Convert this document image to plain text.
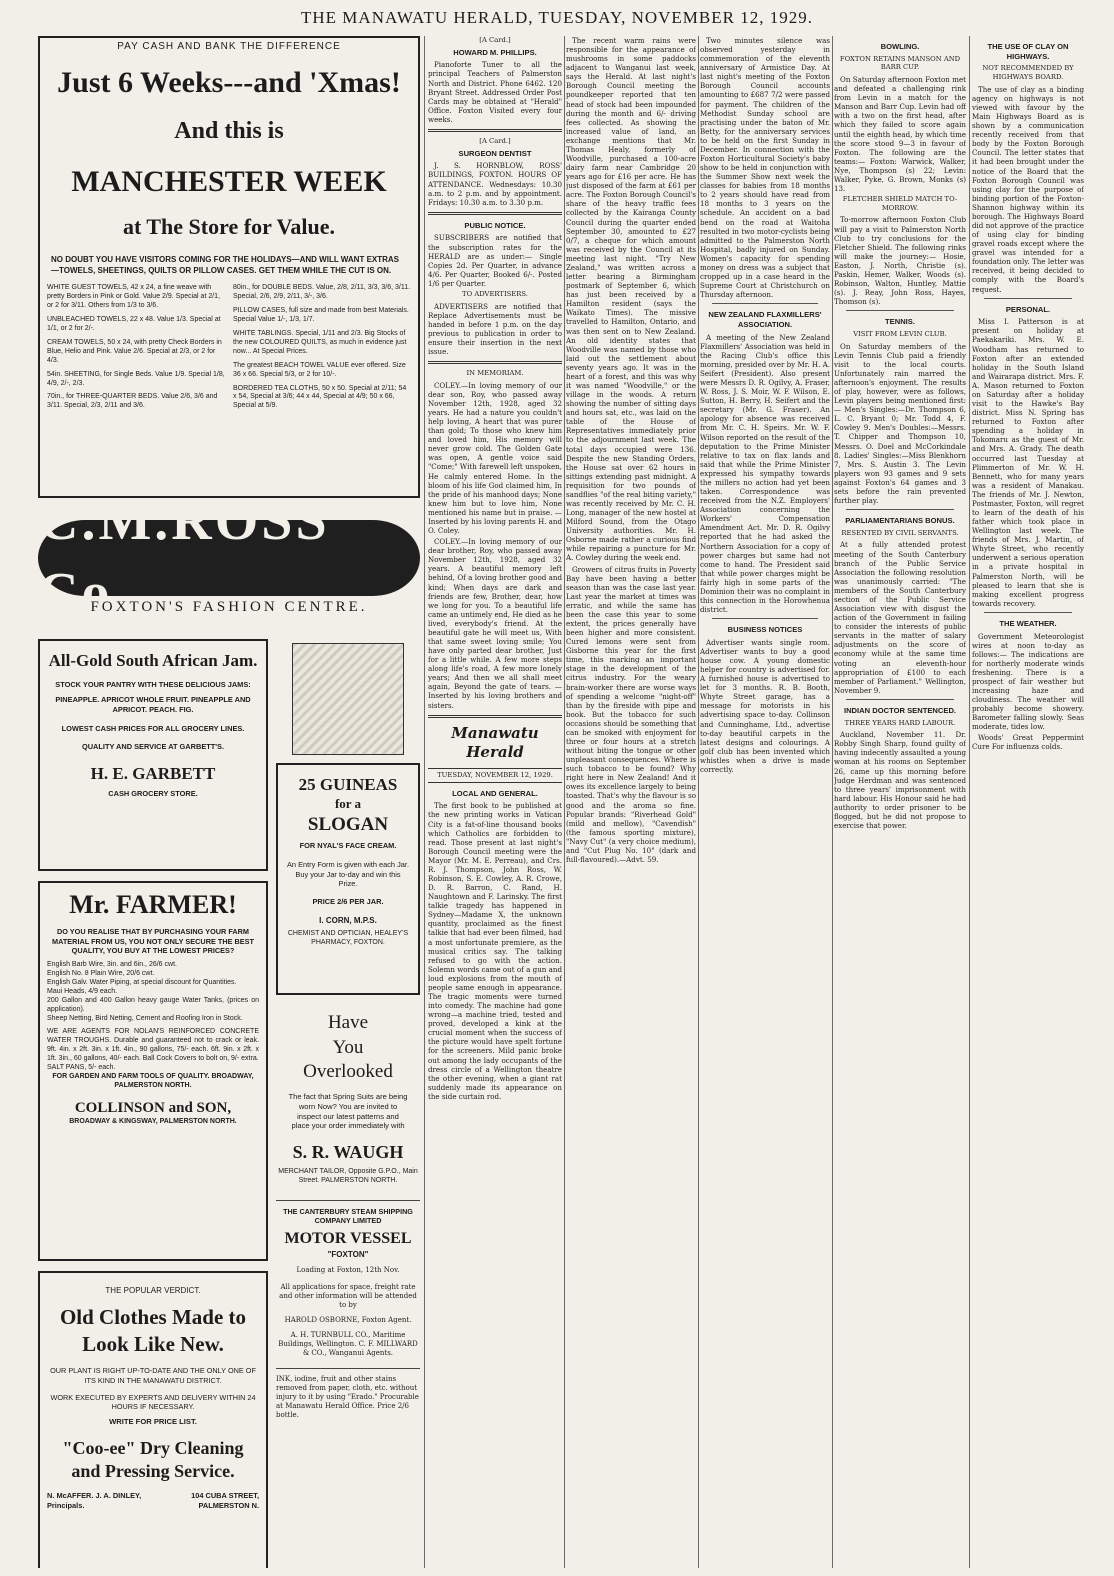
THE MANAWATU HERALD, TUESDAY, NOVEMBER 12, 1929.
PAY CASH AND BANK THE DIFFERENCE
Just 6 Weeks---and 'Xmas!
And this is
MANCHESTER WEEK
at The Store for Value.
NO DOUBT YOU HAVE VISITORS COMING FOR THE HOLIDAYS—AND WILL WANT EXTRAS—TOWELS, SHEETINGS, QUILTS OR PILLOW CASES. GET THEM WHILE THE CUT IS ON.
WHITE GUEST TOWELS, 42 x 24, a fine weave with pretty Borders in Pink or Gold. Value 2/9. Special at 2/1, or 2 for 3/11. Others from 1/3 to 3/6.
UNBLEACHED TOWELS, 22 x 48. Value 1/3. Special at 1/1, or 2 for 2/-.
CREAM TOWELS, 50 x 24, with pretty Check Borders in Blue, Helio and Pink. Value 2/6. Special at 2/3, or 2 for 4/3.
54in. SHEETING, for Single Beds. Value 1/9. Special 1/8, 4/9, 2/-, 2/3.
70in., for THREE-QUARTER BEDS. Value 2/6, 3/6 and 3/11. Special, 2/3, 2/11 and 3/6.
80in., for DOUBLE BEDS. Value, 2/8, 2/11, 3/3, 3/6, 3/11. Special, 2/6, 2/9, 2/11, 3/-, 3/6.
PILLOW CASES, full size and made from best Materials. Special Value 1/-, 1/3, 1/7.
WHITE TABLINGS. Special, 1/11 and 2/3. Big Stocks of the new COLOURED QUILTS, as much in evidence just now... At Special Prices.
The greatest BEACH TOWEL VALUE ever offered. Size 36 x 66. Special 5/3, or 2 for 10/-.
BORDERED TEA CLOTHS, 50 x 50. Special at 2/11; 54 x 54, Special at 3/6; 44 x 44, Special at 4/9; 50 x 66, Special at 5/9.
C.M.ROSS Co
FOXTON'S FASHION CENTRE.
All-Gold South African Jam.
STOCK YOUR PANTRY WITH THESE DELICIOUS JAMS:
PINEAPPLE. APRICOT WHOLE FRUIT. PINEAPPLE AND APRICOT. PEACH. FIG.
LOWEST CASH PRICES FOR ALL GROCERY LINES.
QUALITY AND SERVICE AT GARBETT'S.
H. E. GARBETT
CASH GROCERY STORE.
Mr. FARMER!
DO YOU REALISE THAT BY PURCHASING YOUR FARM MATERIAL FROM US, YOU NOT ONLY SECURE THE BEST QUALITY, YOU BUY AT THE LOWEST PRICES?
English Barb Wire, 3in. and 6in., 26/6 cwt.
English No. 8 Plain Wire, 20/6 cwt.
English Galv. Water Piping, at special discount for Quantities.
Maui Heads, 4/9 each.
200 Gallon and 400 Gallon heavy gauge Water Tanks, (prices on application).
Sheep Netting, Bird Netting, Cement and Roofing Iron in Stock.
WE ARE AGENTS FOR NOLAN'S REINFORCED CONCRETE WATER TROUGHS. Durable and guaranteed not to crack or leak. 9ft. 4in. x 2ft. 3in. x 1ft. 4in., 90 gallons, 75/- each. 6ft. 9in. x 2ft. x 1ft. 3in., 60 gallons, 40/- each. Ball Cock Covers to bolt on, 9/- extra.
SALT PANS, 5/- each.
FOR GARDEN AND FARM TOOLS OF QUALITY. BROADWAY, PALMERSTON NORTH.
COLLINSON and SON,
BROADWAY & KINGSWAY, PALMERSTON NORTH.
THE POPULAR VERDICT.
Old Clothes Made to Look Like New.
OUR PLANT IS RIGHT UP-TO-DATE AND THE ONLY ONE OF ITS KIND IN THE MANAWATU DISTRICT.
WORK EXECUTED BY EXPERTS AND DELIVERY WITHIN 24 HOURS IF NECESSARY.
WRITE FOR PRICE LIST.
"Coo-ee" Dry Cleaning and Pressing Service.
N. McAFFER. J. A. DINLEY, Principals.
104 CUBA STREET, PALMERSTON N.
25 GUINEAS
for a
SLOGAN
FOR NYAL'S FACE CREAM.
An Entry Form is given with each Jar. Buy your Jar to-day and win this Prize.
PRICE 2/6 PER JAR.
I. CORN, M.P.S.
CHEMIST AND OPTICIAN, HEALEY'S PHARMACY, FOXTON.
Have
You
Overlooked
The fact that Spring Suits are being worn Now? You are invited to inspect our latest patterns and place your order immediately with
S. R. WAUGH
MERCHANT TAILOR, Opposite G.P.O., Main Street. PALMERSTON NORTH.
THE CANTERBURY STEAM SHIPPING COMPANY LIMITED
MOTOR VESSEL
"FOXTON"
Loading at Foxton, 12th Nov.
All applications for space, freight rate and other information will be attended to by
HAROLD OSBORNE, Foxton Agent.
A. H. TURNBULL CO., Maritime Buildings, Wellington. C. F. MILLWARD & CO., Wanganui Agents.
INK, iodine, fruit and other stains removed from paper, cloth, etc. without injury to it by using "Erado." Procurable at Manawatu Herald Office. Price 2/6 bottle.
[A Card.]
HOWARD M. PHILLIPS.

Pianoforte Tuner to all the principal Teachers of Palmerston North and District. Phone 6462. 120 Bryant Street. Addressed Order Post Cards may be obtained at "Herald" Office. Foxton Visited every four weeks.

[A Card.]
SURGEON DENTIST

J. S. HORNBLOW, ROSS' BUILDINGS, FOXTON. HOURS OF ATTENDANCE. Wednesdays: 10.30 a.m. to 2 p.m. and by appointment. Fridays: 10.30 a.m. to 3.30 p.m.

PUBLIC NOTICE.

SUBSCRIBERS are notified that the subscription rates for the HERALD are as under:— Single Copies 2d. Per Quarter, in advance 4/6. Per Quarter, Booked 6/-. Posted 1/6 per Quarter.

TO ADVERTISERS.

ADVERTISERS are notified that Replace Advertisements must be handed in before 1 p.m. on the day previous to publication in order to ensure their insertion in the next issue.

IN MEMORIAM.

COLEY.—In loving memory of our dear son, Roy, who passed away November 12th, 1928, aged 32 years. He had a nature you couldn't help loving, A heart that was purer than gold; To those who knew him and loved him, His memory will never grow cold. The Golden Gate was open, A gentle voice said "Come;" With farewell left unspoken, He calmly entered Home. In the bloom of his life God claimed him, In the pride of his manhood days; None knew him but to love him, None mentioned his name but in praise. —Inserted by his loving parents H. and O. Coley.

COLEY.—In loving memory of our dear brother, Roy, who passed away November 12th, 1928, aged 32 years. A beautiful memory left behind, Of a loving brother good and kind; When days are dark and friends are few, Brother, dear, how we long for you. To a beautiful life came an untimely end, He died as he lived, everybody's friend. At the beautiful gate he will meet us, With that same sweet loving smile; You have only parted dear brother, Just for a little while. A few more steps along life's road, A few more lonely years; And then we all shall meet again, Beyond the gate of tears. —Inserted by his loving brothers and sisters.

Manawatu Herald
TUESDAY, NOVEMBER 12, 1929.
LOCAL AND GENERAL.

The first book to be published at the new printing works in Vatican City is a fat-of-line thousand books which Catholics are forbidden to read. Those present at last night's Borough Council meeting were the Mayor (Mr. M. E. Perreau), and Crs. R. J. Thompson, John Ross, W. Robinson, S. E. Cowley, A. R. Crowe, D. R. Barron, C. Rand, H. Naughtown and F. Larinsky. The first talkie tragedy has happened in Sydney—Madame X, the unknown quantity, proclaimed as the finest talkie that had ever been filmed, had a most unfortunate premiere, as the musical critics say. The talking refused to go with the action. Solemn words came out of a gun and loud explosions from the mouth of people same enough in appearance. The tragic moments were turned into comedy. The machine had gone wrong—a machine tried, tested and proved, developed a kink at the crucial moment when the success of the picture would have spelt fortune for the screeners. Mild panic broke out among the lady occupants of the dress circle of a Wellington theatre the other evening, when a giant rat suddenly made its appearance on the side curtain rod.

The recent warm rains were responsible for the appearance of mushrooms in some paddocks adjacent to Wanganui last week, says the Herald. At last night's Borough Council meeting the poundkeeper reported that ten head of stock had been impounded during the month and 6/- driving fees collected. As showing the increased value of land, an exchange mentions that Mr. Thomas Healy, formerly of Woodville, purchased a 100-acre dairy farm near Cambridge 20 years ago for £16 per acre. He has just disposed of the farm at £61 per acre. The Foxton Borough Council's share of the heavy traffic fees collected by the Kairanga County Council during the quarter ended September 30, amounted to £27 0/7, a cheque for which amount was received by the Council at its meeting last night. "Try New Zealand," was written across a letter bearing a Birmingham postmark of September 6, which has just been received by a Hamilton resident (says the Waikato Times). The missive travelled to Hamilton, Ontario, and was then sent on to New Zealand. An old identity states that Woodville was named by those who laid out the settlement about seventy years ago. It was in the heart of a forest, and this was why it was named "Woodville," or the village in the woods. A return showing the number of sitting days and hours sat, etc., was laid on the table of the House of Representatives immediately prior to the adjournment last week. The total days occupied were 136. Despite the new Standing Orders, the House sat over 62 hours in sittings extending past midnight. A requisition for two pounds of sandflies "of the real biting variety," was recently received by Mr. C. H. Long, manager of the new hostel at Milford Sound, from the Otago University authorities. Mr. H. Osborne made rather a curious find while repairing a puncture for Mr. A. Cowley during the week end.

Growers of citrus fruits in Poverty Bay have been having a better season than was the case last year. Last year the market at times was erratic, and while the same has been the case this year to some extent, the prices generally have been higher and more consistent. Cured lemons were sent from Gisborne this year for the first time, this marking an important stage in the development of the citrus industry. For the weary brain-worker there are worse ways of spending a welcome "night-off" than by the fireside with pipe and book. But the tobacco for such occasions should be something that can be smoked with enjoyment for three or four hours at a stretch without biting the tongue or other unpleasant consequences. Where is such tobacco to be found? Why right here in New Zealand! And it owes its excellence largely to being toasted. That's why the flavour is so good and the aroma so fine. Popular brands: "Riverhead Gold" (mild and mellow), "Cavendish" (the famous sporting mixture), "Navy Cut" (a very choice medium), and "Cut Plug No. 10" (dark and full-flavoured).—Advt. 59.

Two minutes silence was observed yesterday in commemoration of the eleventh anniversary of Armistice Day. At last night's meeting of the Foxton Borough Council accounts amounting to £687 7/2 were passed for payment. The children of the Methodist Sunday school are practising under the baton of Mr. Betty, for the anniversary services to be held on the first Sunday in December. In connection with the Foxton Horticultural Society's baby show to be held in conjunction with the Summer Show next week the classes for babies from 18 months to 2 years should have read from 18 months to 3 years on the schedule. An accident on a bad bend on the road at Waitoha resulted in two motor-cyclists being admitted to the Palmerston North Hospital, badly injured on Sunday. Women's capacity for spending money on dress was a subject that cropped up in a case heard in the Supreme Court at Christchurch on Thursday afternoon.

NEW ZEALAND FLAXMILLERS' ASSOCIATION.

A meeting of the New Zealand Flaxmillers' Association was held in the Racing Club's office this morning, presided over by Mr. H. A. Seifert (President). Also present were Messrs D. R. Ogilvy, A. Fraser, W. Ross, J. S. Moir, W. F. Wilson, E. Sutton, H. Berry, H. Seifert and the secretary (Mr. G. Fraser). An apology for absence was received from Mr. C. H. Speirs. Mr. W. F. Wilson reported on the result of the deputation to the Prime Minister relative to tax on flax lands and said that while the Prime Minister expressed his sympathy towards the millers no action had yet been taken. Correspondence was received from the N.Z. Employers' Association concerning the Workers' Compensation Amendment Act. Mr. D. R. Ogilvy reported that he had asked the Northern Association for a copy of power charges but same had not come to hand. The President said that while power charges might be fairly high in some parts of the Dominion their was no complaint in this connection in the Horowhenua district.

BUSINESS NOTICES

Advertiser wants single room. Advertiser wants to buy a good house cow. A young domestic helper for country is advertised for. A furnished house is advertised to let for 3 months. R. B. Booth, Whyte Street garage, has a message for motorists in his advertising space to-day. Collinson and Cunninghame, Ltd., advertise to-day beautiful carpets in the latest designs and colourings. A golf club has been invented which whistles when a drive is made correctly.

BOWLING.
FOXTON RETAINS MANSON AND BARR CUP.

On Saturday afternoon Foxton met and defeated a challenging rink from Levin in a match for the Manson and Barr Cup. Levin had off with a two on the first head, after which they failed to score again until the eighth head, by which time the score stood 9—3 in favour of Foxton. The following are the teams:— Foxton: Warwick, Walker, Nye, Thompson (s) 22; Levin: Walker, Pyke, G. Brown, Monks (s) 13.

FLETCHER SHIELD MATCH TO-MORROW.

To-morrow afternoon Foxton Club will pay a visit to Palmerston North Club to try conclusions for the Fletcher Shield. The following rinks will make the journey:— Hosie, Easton, J. North, Christie (s). Paskin, Hemer, Walker, Woods (s). Robinson, Walton, Huntley, Mattie (s). J. Reay, John Ross, Hayes, Thomson (s).

TENNIS.
VISIT FROM LEVIN CLUB.

On Saturday members of the Levin Tennis Club paid a friendly visit to the local courts. Unfortunately rain marred the afternoon's enjoyment. The results of play, however, were as follows, Levin players being mentioned first:— Men's Singles:—Dr. Thompson 6, L. C. Bryant 0; Mr. Todd 4, F. Cowley 9. Men's Doubles:—Messrs. T. Chipper and Thompson 10, Messrs. O. Doel and McCorkindale 8. Ladies' Singles:—Miss Blenkhorn 7, Mrs. S. Austin 3. The Levin players won 93 games and 9 sets against Foxton's 64 games and 3 sets before the rain prevented further play.

PARLIAMENTARIANS BONUS.
RESENTED BY CIVIL SERVANTS.

At a fully attended protest meeting of the South Canterbury branch of the Public Service Association the following resolution was unanimously carried: "The members of the South Canterbury section of the Public Service Association view with disgust the action of the Government in failing to consider the interests of public servants in the matter of salary adjustments on the score of economy while at the same time voting an eleventh-hour appropriation of £100 to each member of Parliament." Wellington, November 9.

INDIAN DOCTOR SENTENCED.
THREE YEARS HARD LABOUR.

Auckland, November 11. Dr. Robby Singh Sharp, found guilty of having indecently assaulted a young woman at his rooms on September 26, came up this morning before Judge Herdman and was sentenced to three years' imprisonment with hard labour. His Honour said he had authority to order prisoner to be flogged, but he did not propose to exercise that power.

THE USE OF CLAY ON HIGHWAYS.
NOT RECOMMENDED BY HIGHWAYS BOARD.

The use of clay as a binding agency on highways is not viewed with favour by the Main Highways Board as is shown by a communication recently received from that body by the Foxton Borough Council. The letter states that it had been brought under the notice of the Board that the Foxton Borough Council was using clay for the purpose of binding portion of the Foxton-Shannon highway within its borough. The Highways Board did not approve of the practice of using clay for binding gravel roads except where the gravel was intended for a foundation only. The letter was received, it being decided to comply with the Board's request.

PERSONAL.

Miss I. Patterson is at present on holiday at Paekakariki. Mrs. W. E. Woodham has returned to Foxton after an extended holiday in the South Island and Wairarapa district. Mrs. F. A. Mason returned to Foxton on Saturday after a holiday visit to the Hawke's Bay district. Miss N. Spring has returned to Foxton after spending a holiday in Tokomaru as the guest of Mr. and Mrs. A. Grady. The death occurred last Tuesday at Plimmerton of Mr. W. H. Bennett, who for many years was a resident of Manakau. The friends of Mr. J. Newton, Postmaster, Foxton, will regret to learn of the death of his father which took place in Wellington last week. The friends of Mrs. J. Martin, of Whyte Street, who recently underwent a serious operation in a private hospital in Palmerston North, will be pleased to learn that she is making excellent progress towards recovery.

THE WEATHER.

Government Meteorologist wires at noon to-day as follows:— The indications are for northerly moderate winds freshening. There is a prospect of fair weather but increasing haze and cloudiness. The weather will probably become showery. Barometer falling slowly. Seas moderate, tides low.

Woods' Great Peppermint Cure For influenza colds.
